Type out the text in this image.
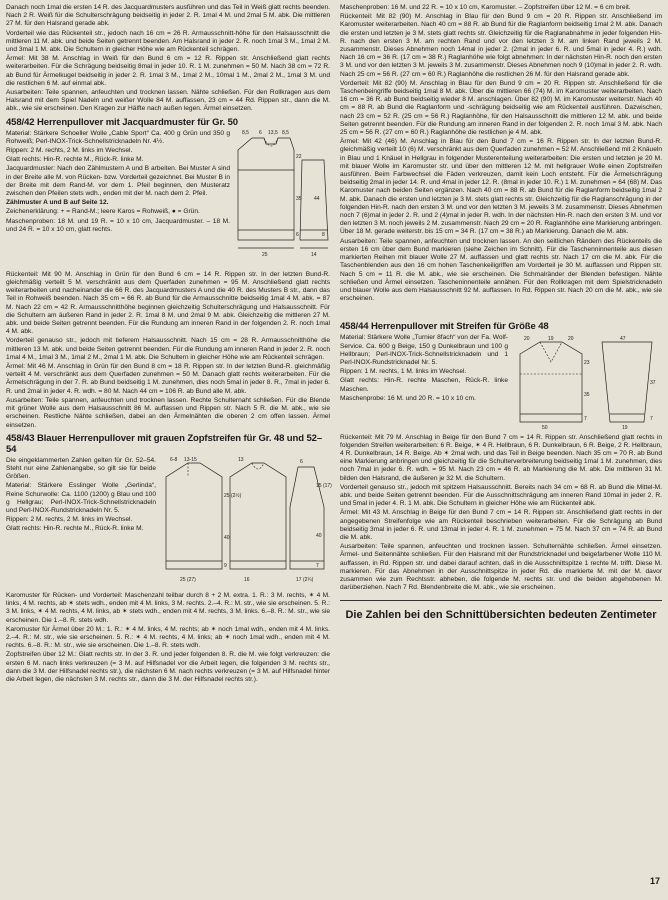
Danach noch 1mal die ersten 14 R. des Jacquardmusters ausführen und das Teil in Weiß glatt rechts beenden. Nach 2 R. Weiß für die Schulterschrägung beidseitig in jeder 2. R. 1mal 4 M. und 2mal 5 M. abk. Die mittleren 27 M. für den Halsrand gerade abk.

Vorderteil wie das Rückenteil str., jedoch nach 16 cm = 26 R. Armausschnitt-höhe für den Halsausschnitt die mittleren 11 M. abk. und beide Seiten getrennt beenden. Am Halsrand in jeder 2. R. noch 1mal 3 M., 1mal 2 M. und 3mal 1 M. abk. Die Schultern in gleicher Höhe wie am Rückenteil schrägen.

Ärmel: Mit 38 M. Anschlag in Weiß für den Bund 6 cm = 12 R. Rippen str. Anschließend glatt rechts weiterarbeiten. Für die Schrägung beidseitig 8mal in jeder 10. R. 1 M. zunehmen = 50 M. Nach 38 cm = 72 R. ab Bund für Ärmelkugel beidseitig in jeder 2. R. 1mal 3 M., 1mal 2 M., 10mal 1 M., 2mal 2 M., 1mal 3 M. und die restlichen 6 M. auf einmal abk.

Ausarbeiten: Teile spannen, anfeuchten und trocknen lassen. Nähte schließen. Für den Rollkragen aus dem Halsrand mit dem Spiel Nadeln und weißer Wolle 84 M. auffassen, 23 cm = 44 Rd. Rippen str., dann die M. abk., wie sie erscheinen. Den Kragen zur Hälfte nach außen legen. Ärmel einsetzen.

458/42 Herrenpullover mit Jacquardmuster für Gr. 50

Material: Stärkere Schoeller Wolle „Cable Sport“ Ca. 400 g Grün und 350 g Rohweiß; Perl-INOX-Trick-Schnellstricknadeln Nr. 4½.

Rippen: 2 M. rechts, 2 M. links im Wechsel.

Glatt rechts: Hin-R. rechte M., Rück-R. linke M.

Jacquardmuster: Nach den Zählmustern A und B arbeiten. Bei Muster A sind in der Breite alle M. von Rücken- bzw. Vorderteil gezeichnet. Bei Muster B in der Breite mit dem Rand-M. vor dem 1. Pfeil beginnen, den Musteratz zwischen den Pfeilen stets wdh., enden mit der M. nach dem 2. Pfeil.

Zählmuster A und B auf Seite 12.

Zeichenerklärung: + = Rand-M.; leere Karos = Rohweiß, ● = Grün.

Maschenproben: 18 M. und 19 R. = 10 x 10 cm, Jacquardmuster. – 18 M. und 24 R. = 10 x 10 cm, glatt rechts.

25	14
6
8,5	13,5 8,5
22
35
6
44
8

Rückenteil: Mit 90 M. Anschlag in Grün für den Bund 6 cm = 14 R. Rippen str. In der letzten Bund-R. gleichmäßig verteilt 5 M. verschränkt aus dem Querfaden zunehmen = 95 M. Anschließend glatt rechts weiterarbeiten und nacheinander die 66 R. des Jacquardmusters A und die 40 R. des Musters B str., dann das Teil in Rohweiß beenden. Nach 35 cm = 66 R. ab Bund für die Armausschnitte beidseitig 1mal 4 M. abk. = 87 M. Nach 22 cm = 42 R. Armausschnitthöhe beginnen gleichzeitig Schulterschrägung und Halsausschnitt. Für die Schultern am äußeren Rand in jeder 2. R. 1mal 8 M. und 2mal 9 M. abk. Gleichzeitig die mittleren 27 M. abk. und beide Seiten getrennt beenden. Für die Rundung am inneren Rand in der folgenden 2. R. noch 1mal 4 M. abk.

Vorderteil genauso str., jedoch mit tieferem Halsausschnitt. Nach 15 cm = 28 R. Armausschnitthöhe die mittleren 13 M. abk. und beide Seiten getrennt beenden. Für die Rundung am inneren Rand in jeder 2. R. noch 1mal 4 M., 1mal 3 M., 1mal 2 M., 2mal 1 M. abk. Die Schultern in gleicher Höhe wie am Rückenteil schrägen.

Ärmel: Mit 46 M. Anschlag in Grün für den Bund 8 cm = 18 R. Rippen str. In der letzten Bund-R. gleichmäßig verteilt 4 M. verschränkt aus dem Querfaden zunehmen = 50 M. Danach glatt rechts weiterarbeiten. Für die Ärmelschrägung in der 7. R. ab Bund beidseitig 1 M. zunehmen, dies noch 5mal in jeder 8. R., 7mal in jeder 6. R. und 2mal in jeder 4. R. wdh. = 80 M. Nach 44 cm = 106 R. ab Bund alle M. abk.

Ausarbeiten: Teile spannen, anfeuchten und trocknen lassen. Rechte Schulternaht schließen. Für die Blende mit grüner Wolle aus dem Halsausschnitt 86 M. auffassen und Rippen str. Nach 5 R. die M. abk., wie sie erscheinen. Restliche Nähte schließen, dabei an den Ärmelnähten die oberen 2 cm offen lassen. Ärmel einsetzen.

458/43 Blauer Herrenpullover mit grauen Zopfstreifen für Gr. 48 und 52–54

Die eingeklammerten Zahlen gelten für Gr. 52–54. Steht nur eine Zahlenangabe, so gilt sie für beide Größen.

Material: Stärkere Esslinger Wolle „Gerlinda“, Reine Schurwolle: Ca. 1100 (1200) g Blau und 100 g Hellgrau; Perl-INOX-Trick-Schnellstricknadeln und Perl-INOX-Rundstricknadeln Nr. 5.

Rippen: 2 M. rechts, 2 M. links im Wechsel.

Glatt rechts: Hin-R. rechte M., Rück-R. linke M.

6-8 13-15	13	6
25 (27)	16	17 (2¼)
40
9
25 (2½)
15 (17)
40
7

Karomuster für Rücken- und Vorderteil: Maschenzahl teilbar durch 8 + 2 M. extra. 1. R.: 3 M. rechts, ✶ 4 M. links, 4 M. rechts, ab ✶ stets wdh., enden mit 4 M. links, 3 M. rechts. 2.–4. R.: M. str., wie sie erscheinen. 5. R.: 3 M. links, ✶ 4 M. rechts, 4 M. links, ab ✶ stets wdh., enden mit 4 M. rechts, 3 M. links. 6.–8. R.: M. str., wie sie erscheinen. Die 1.–8. R. stets wdh.

Karomuster für Ärmel über 20 M.: 1. R.: ✶ 4 M. links, 4 M. rechts; ab ✶ noch 1mal wdh., enden mit 4 M. links. 2.–4. R.: M. str., wie sie erscheinen. 5. R.: ✶ 4 M. rechts, 4 M. links; ab ✶ noch 1mal wdh., enden mit 4 M. rechts. 6.–8. R.: M. str., wie sie erscheinen. Die 1.–8. R. stets wdh.

Zopfstreifen über 12 M.: Glatt rechts str. In der 3. R. und jeder folgenden 8. R. die M. wie folgt verkreuzen: die ersten 6 M. nach links verkreuzen (= 3 M. auf Hilfsnadel vor die Arbeit legen, die folgenden 3 M. rechts str., dann die 3 M. der Hilfsnadel rechts str.), die nächsten 6 M. nach rechts verkreuzen (= 3 M. auf Hilfsnadel hinter die Arbeit legen, die nächsten 3 M. rechts str., dann die 3 M. der Hilfsnadel rechts str.).

Maschenproben: 16 M. und 22 R. = 10 x 10 cm, Karomuster. – Zopfstreifen über 12 M. = 6 cm breit.

Rückenteil: Mit 82 (90) M. Anschlag in Blau für den Bund 9 cm = 20 R. Rippen str. Anschließend im Karomuster weiterarbeiten. Nach 40 cm = 88 R. ab Bund für die Raglanform beidseitig 1mal 2 M. abk. Danach die ersten und letzten je 3 M. stets glatt rechts str. Gleichzeitig für die Raglanabnahme in jeder folgenden Hin-R. nach den ersten 3 M. am rechten Rand und vor den letzten 3 M. am linken Rand jeweils 2 M. zusammenstr. Dieses Abnehmen noch 14mal in jeder 2. (2mal in jeder 6. R. und 5mal in jeder 4. R.) wdh. Nach 16 cm = 36 R. (17 cm = 38 R.) Raglanhöhe wie folgt abnehmen: In der nächsten Hin-R. noch den ersten 3 M. und vor den letzten 3 M. jeweils 3 M. zusammenstr. Dieses Abnehmen noch 9 (10)mal in jeder 2. R. wdh. Nach 25 cm = 56 R. (27 cm = 60 R.) Raglanhöhe die restlichen 26 M. für den Halsrand gerade abk.

Vorderteil: Mit 82 (90) M. Anschlag in Blau für den Bund 9 cm = 20 R. Rippen str. Anschließend für die Taschenbeingriffe beidseitig 1mal 8 M. abk. Über die mittleren 66 (74) M. im Karomuster weiterarbeiten. Nach 16 cm = 36 R. ab Bund beidseitig wieder 8 M. anschlagen. Über 82 (90) M. im Karomuster weiterstr. Nach 40 cm = 88 R. ab Bund die Raglanform und -schrägung beidseitig wie am Rückenteil ausführen. Dazwischen, nach 23 cm = 52 R. (25 cm = 56 R.) Raglanhöhe, für den Halsausschnitt die mittleren 12 M. abk. und beide Seiten getrennt beenden. Für die Rundung am inneren Rand in der folgenden 2. R. noch 1mal 3 M. abk. Nach 25 cm = 56 R. (27 cm = 60 R.) Raglanhöhe die restlichen je 4 M. abk.

Ärmel: Mit 42 (46) M. Anschlag in Blau für den Bund 7 cm = 16 R. Rippen str. In der letzten Bund-R. gleichmäßig verteilt 10 (6) M. verschränkt aus dem Querfaden zunehmen = 52 M. Anschließend mit 2 Knäueln in Blau und 1 Knäuel in Hellgrau in folgender Musterenteilung weiterarbeiten: Die ersten und letzten je 20 M. mit blauer Wolle im Karomuster str. und über den mittleren 12 M. mit hellgrauer Wolle einen Zopfstreifen ausführen. Beim Farbwechsel die Fäden verkreuzen, damit kein Loch entsteht. Für die Ärmelschrägung beidseitig 2mal in jeder 14. R. und 4mal in jeder 12. R. (8mal in jeder 10. R.) 1 M. zunehmen = 64 (68) M. Das Karomuster nach beiden Seiten ergänzen. Nach 40 cm = 88 R. ab Bund für die Raglanform beidseitig 1mal 2 M. abk. Danach die ersten und letzten je 3 M. stets glatt rechts str. Gleichzeitig für die Raglanschrägung in der folgenden Hin-R. nach den ersten 3 M. und vor den letzten 3 M. jeweils 3 M. zusammenstr. Dieses Abnehmen noch 7 (6)mal in jeder 2. R. und 2 (4)mal in jeder R. wdh. In der nächsten Hin-R. nach den ersten 3 M. und vor den letzten 3 M. noch jeweils 2 M. zusammenstr. Nach 29 cm = 20 R. Raglanhöhe eine Markierung anbringen. Über 18 M. gerade weiterstr. bis 15 cm = 34 R. (17 cm = 38 R.) ab Markierung. Danach die M. abk.

Ausarbeiten: Teile spannen, anfeuchten und trocknen lassen. An den seitlichen Rändern des Rückenteils die ersten 16 cm über dem Bund markieren (siehe Zeichen im Schnitt). Für die Taschenninnenteile aus diesen markierten Reihen mit blauer Wolle 27 M. auffassen und glatt rechts str. Nach 17 cm die M. abk. Für die Taschenblenden aus den 16 cm hohen Taschenkeiligriffen am Vorderteil je 30 M. auffassen und Rippen str. Nach 5 cm = 11 R. die M. abk., wie sie erscheinen. Die Schmalränder der Blenden befestigen. Nähte schließen und Ärmel einsetzen. Tascheninnenteile annähen. Für den Rollkragen mit dem Spielstricknadeln und blauer Wolle aus dem Halsausschnitt 92 M. auffassen. In Rd. Rippen str. Nach 20 cm die M. abk., wie sie erscheinen.

458/44 Herrenpullover mit Streifen für Größe 48

Material: Stärkere Wolle „Turnier 8fach“ von der Fa. Wolf-Service. Ca. 600 g Beige, 150 g Dunkelbraun und 100 g Hellbraun; Perl-INOX-Trick-Schnellstricknadeln und 1 Perl-INOX-Rundstricknadel Nr. 5.

Rippen: 1 M. rechts, 1 M. links im Wechsel.

Glatt rechts: Hin-R. rechte Maschen, Rück-R. linke Maschen.

Maschenprobe: 16 M. und 20 R. = 10 x 10 cm.

20	19	20
23
35
7
50
47
37
7
19

Rückenteil: Mit 79 M. Anschlag in Beige für den Bund 7 cm = 14 R. Rippen str. Anschließend glatt rechts in folgenden Streifen weiterarbeiten: 6 R. Beige, ✶ 4 R. Hellbraun, 6 R. Dunkelbraun, 6 R. Beige, 2 R. Hellbraun, 4 R. Dunkelbraun, 14 R. Beige. Ab ✶ 2mal wdh. und das Teil in Beige beenden. Nach 35 cm = 70 R. ab Bund eine Markierung anbringen und gleichzeitig für die Schulterverbreiterung beidseitig 1mal 1 M. zunehmen, dies noch 7mal in jeder 6. R. wdh. = 95 M. Nach 23 cm = 46 R. ab Markierung die M. abk. Die mittleren 31 M. bilden den Halsrand, die äußeren je 32 M. die Schultern.

Vorderteil genauso str., jedoch mit spitzem Halsausschnitt. Bereits nach 34 cm = 68 R. ab Bund die Mittel-M. abk. und beide Seiten getrennt beenden. Für die Ausschnittschrägung am inneren Rand 10mal in jeder 2. R. und 5mal in jeder 4. R. 1 M. abk. Die Schultern in gleicher Höhe wie am Rückenteil abk.

Ärmel: Mit 43 M. Anschlag in Beige für den Bund 7 cm = 14 R. Rippen str. Anschließend glatt rechts in der angegebenen Streifenfolge wie am Rückenteil beschrieben weiterarbeiten. Für die Schrägung ab Bund beidseitig 3mal in jeder 6. R. und 13mal in jeder 4. R. 1 M. zunehmen = 75 M. Nach 37 cm = 74 R. ab Bund die M. abk.

Ausarbeiten: Teile spannen, anfeuchten und trocknen lassen. Schulternähte schließen. Ärmel einsetzen. Ärmel- und Seitennähte schließen. Für den Halsrand mit der Rundstricknadel und beigefarbener Wolle 110 M. auffassen, in Rd. Rippen str. und dabei darauf achten, daß in die Ausschnittspitze 1 rechte M. trifft. Diese M. markieren. Für das Abnehmen in der Ausschnittspitze in jeder Rd. die markierte M. mit der M. davor zusammen wie zum Rechtsstr. abheben, die folgende M. rechts str. und die beiden abgehobenen M. darüberziehen. Nach 7 Rd. Blendenbreite die M. abk., wie sie erscheinen.

Die Zahlen bei den Schnittübersichten bedeuten Zentimeter
17
